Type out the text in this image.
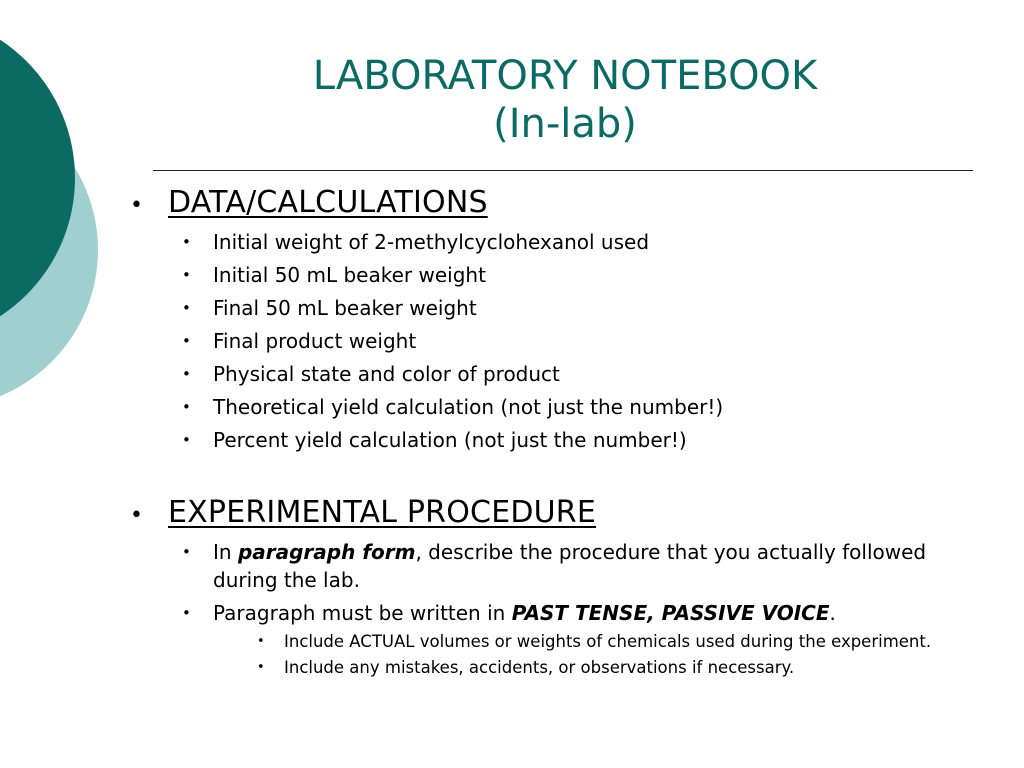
LABORATORY NOTEBOOK
(In-lab)
• DATA/CALCULATIONS
• Initial weight of 2-methylcyclohexanol used
• Initial 50 mL beaker weight
• Final 50 mL beaker weight
• Final product weight
• Physical state and color of product
• Theoretical yield calculation (not just the number!)
• Percent yield calculation (not just the number!)
• EXPERIMENTAL PROCEDURE
• In paragraph form, describe the procedure that you actually followed during the lab.
• Paragraph must be written in PAST TENSE, PASSIVE VOICE.
• Include ACTUAL volumes or weights of chemicals used during the experiment.
• Include any mistakes, accidents, or observations if necessary.
